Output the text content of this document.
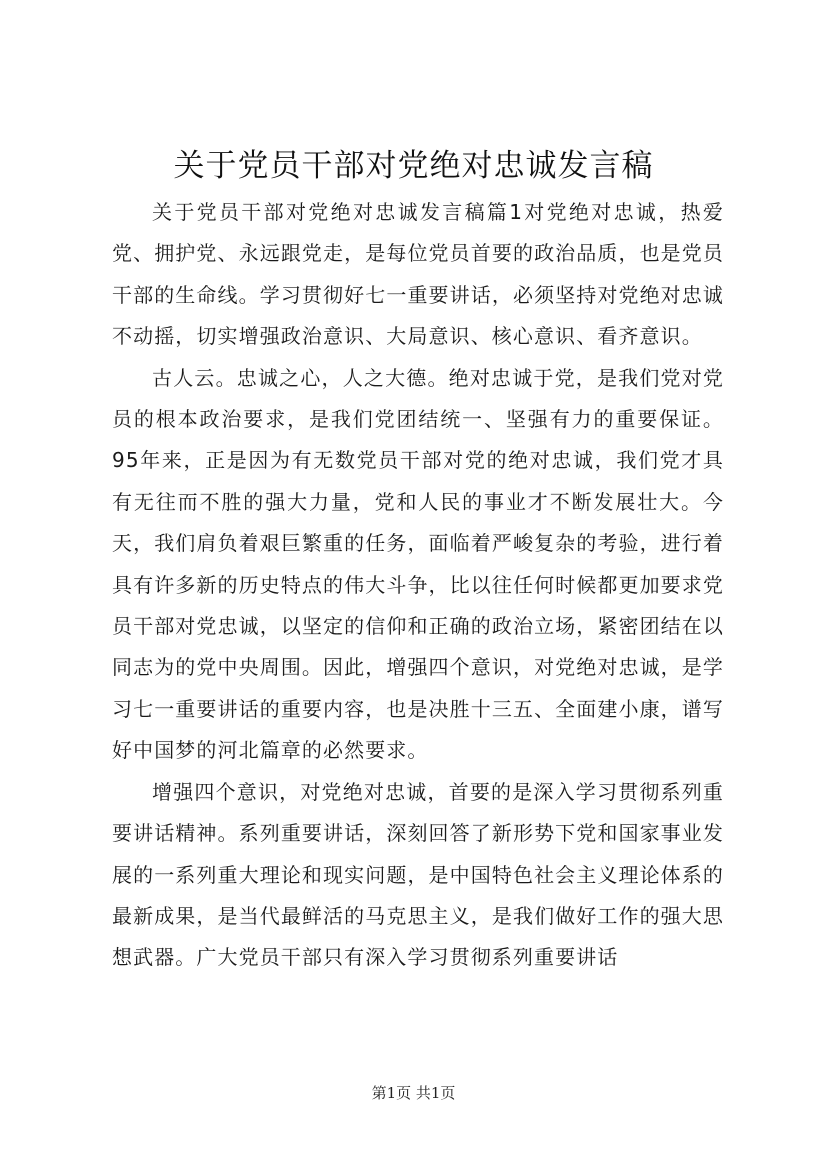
关于党员干部对党绝对忠诚发言稿

关于党员干部对党绝对忠诚发言稿篇1对党绝对忠诚，热爱党、拥护党、永远跟党走，是每位党员首要的政治品质，也是党员干部的生命线。学习贯彻好七一重要讲话，必须坚持对党绝对忠诚不动摇，切实增强政治意识、大局意识、核心意识、看齐意识。

古人云。忠诚之心，人之大德。绝对忠诚于党，是我们党对党员的根本政治要求，是我们党团结统一、坚强有力的重要保证。95年来，正是因为有无数党员干部对党的绝对忠诚，我们党才具有无往而不胜的强大力量，党和人民的事业才不断发展壮大。今天，我们肩负着艰巨繁重的任务，面临着严峻复杂的考验，进行着具有许多新的历史特点的伟大斗争，比以往任何时候都更加要求党员干部对党忠诚，以坚定的信仰和正确的政治立场，紧密团结在以同志为的党中央周围。因此，增强四个意识，对党绝对忠诚，是学习七一重要讲话的重要内容，也是决胜十三五、全面建小康，谱写好中国梦的河北篇章的必然要求。

增强四个意识，对党绝对忠诚，首要的是深入学习贯彻系列重要讲话精神。系列重要讲话，深刻回答了新形势下党和国家事业发展的一系列重大理论和现实问题，是中国特色社会主义理论体系的最新成果，是当代最鲜活的马克思主义，是我们做好工作的强大思想武器。广大党员干部只有深入学习贯彻系列重要讲话

第1页 共1页
